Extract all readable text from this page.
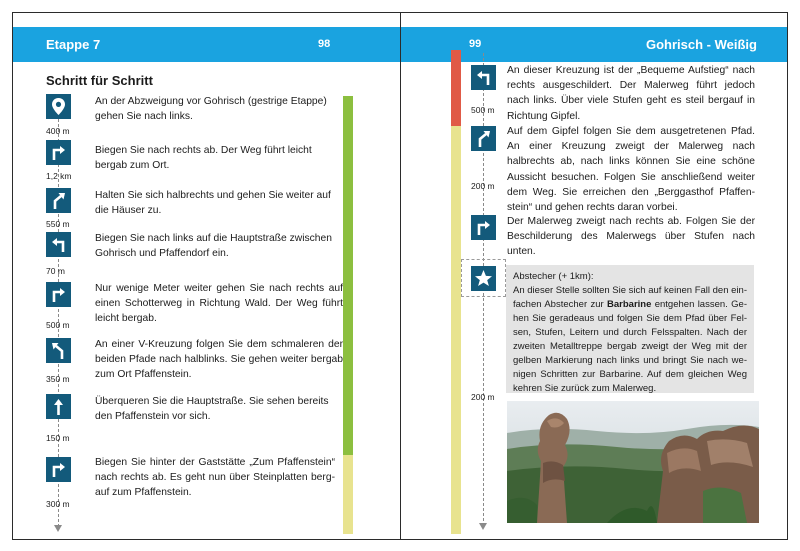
Etappe 7	98
Schritt für Schritt
An der Abzweigung vor Gohrisch (gestrige Etappe) gehen Sie nach links.
400 m
Biegen Sie nach rechts ab. Der Weg führt leicht bergab zum Ort.
1,2 km
Halten Sie sich halbrechts und gehen Sie weiter auf die Häuser zu.
550 m
Biegen Sie nach links auf die Hauptstraße zwischen Gohrisch und Pfaffendorf ein.
70 m
Nur wenige Meter weiter gehen Sie nach rechts auf einen Schotterweg in Richtung Wald. Der Weg führt leicht bergab.
500 m
An einer V-Kreuzung folgen Sie dem schmaleren der beiden Pfade nach halblinks. Sie gehen weiter bergab zum Ort Pfaffenstein.
350 m
Überqueren Sie die Hauptstraße. Sie sehen bereits den Pfaffenstein vor sich.
150 m
Biegen Sie hinter der Gaststätte „Zum Pfaffenstein“ nach rechts ab. Es geht nun über Steinplatten bergauf zum Pfaffenstein.
300 m
99	Gohrisch - Weißig
An dieser Kreuzung ist der „Bequeme Aufstieg“ nach rechts ausgeschildert. Der Malerweg führt jedoch nach links. Über viele Stufen geht es steil bergauf in Richtung Gipfel.
500 m
Auf dem Gipfel folgen Sie dem ausgetretenen Pfad. An einer Kreuzung zweigt der Malerweg nach halbrechts ab, nach links können Sie eine schöne Aussicht besuchen. Folgen Sie anschließend weiter dem Weg. Sie erreichen den „Berggasthof Pfaffenstein“ und gehen rechts daran vorbei.
200 m
Der Malerweg zweigt nach rechts ab. Folgen Sie der Beschilderung des Malerwegs über Stufen nach unten.
Abstecher (+ 1km):
An dieser Stelle sollten Sie sich auf keinen Fall den einfachen Abstecher zur Barbarine entgehen lassen. Gehen Sie geradeaus und folgen Sie dem Pfad über Felsen, Stufen, Leitern und durch Felsspalten. Nach der zweiten Metalltreppe bergab zweigt der Weg mit der gelben Markierung nach links und bringt Sie nach wenigen Schritten zur Barbarine. Auf dem gleichen Weg kehren Sie zurück zum Malerweg.
200 m
